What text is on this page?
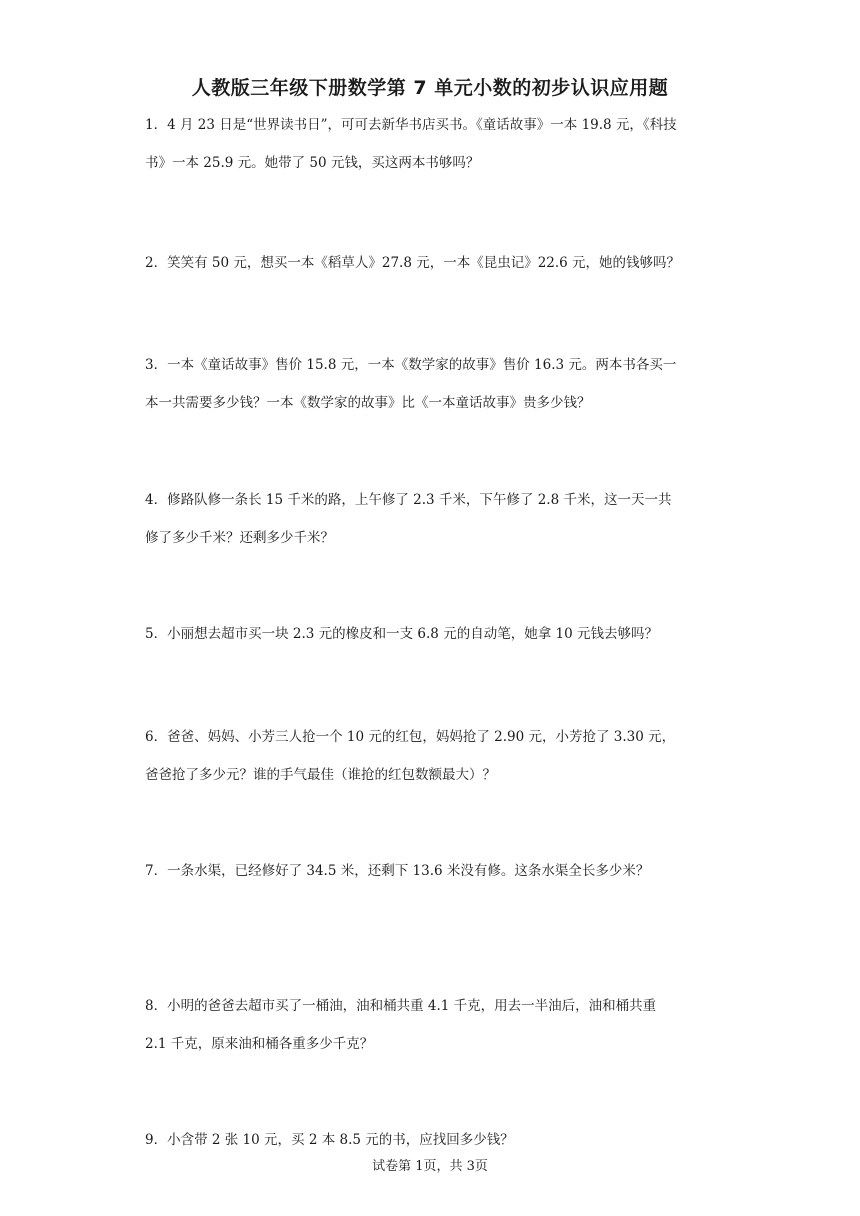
人教版三年级下册数学第 7 单元小数的初步认识应用题
1．4 月 23 日是“世界读书日”，可可去新华书店买书。《童话故事》一本 19.8 元，《科技
书》一本 25.9 元。她带了 50 元钱，买这两本书够吗？
2．笑笑有 50 元，想买一本《稻草人》27.8 元，一本《昆虫记》22.6 元，她的钱够吗？
3．一本《童话故事》售价 15.8 元，一本《数学家的故事》售价 16.3 元。两本书各买一
本一共需要多少钱？一本《数学家的故事》比《一本童话故事》贵多少钱？
4．修路队修一条长 15 千米的路，上午修了 2.3 千米，下午修了 2.8 千米，这一天一共
修了多少千米？还剩多少千米？
5．小丽想去超市买一块 2.3 元的橡皮和一支 6.8 元的自动笔，她拿 10 元钱去够吗？
6．爸爸、妈妈、小芳三人抢一个 10 元的红包，妈妈抢了 2.90 元，小芳抢了 3.30 元，
爸爸抢了多少元？谁的手气最佳（谁抢的红包数额最大）？
7．一条水渠，已经修好了 34.5 米，还剩下 13.6 米没有修。这条水渠全长多少米？
8．小明的爸爸去超市买了一桶油，油和桶共重 4.1 千克，用去一半油后，油和桶共重
2.1 千克，原来油和桶各重多少千克？
9．小含带 2 张 10 元，买 2 本 8.5 元的书，应找回多少钱？
试卷第 1页，共 3页
